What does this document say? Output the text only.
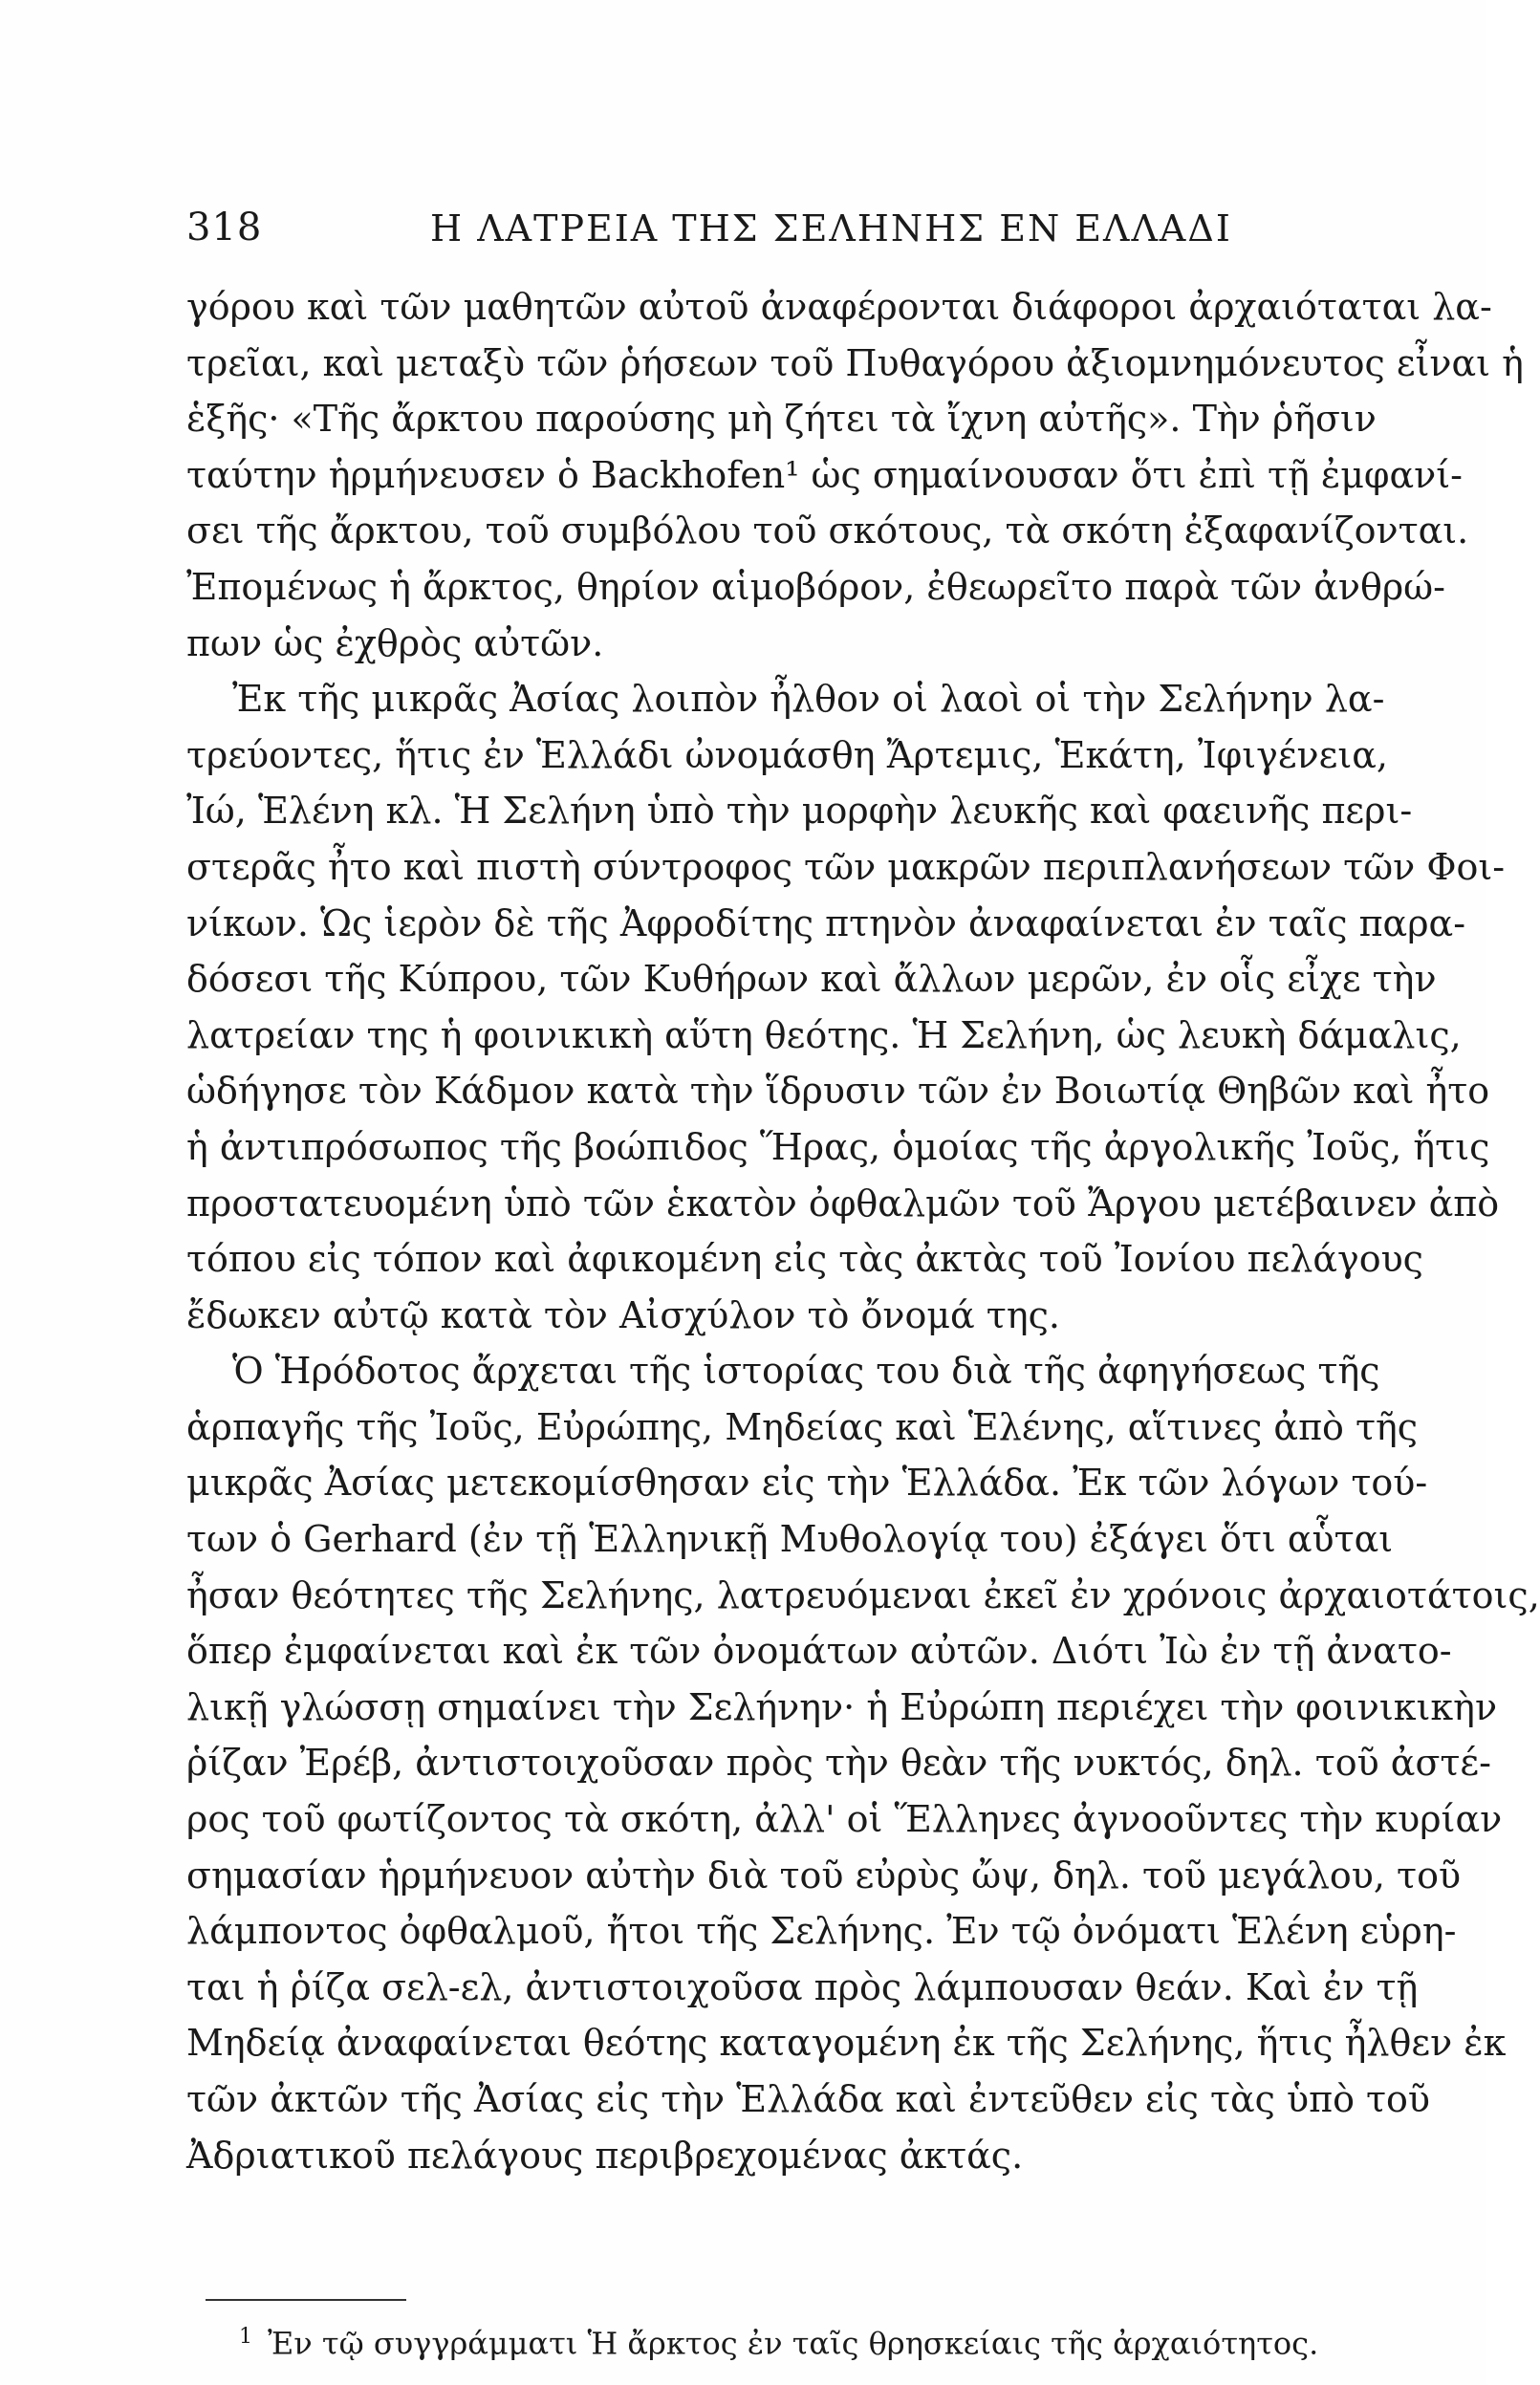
318	Η ΛΑΤΡΕΙΑ ΤΗΣ ΣΕΛΗΝΗΣ ΕΝ ΕΛΛΑΔΙ
γόρου καὶ τῶν μαθητῶν αὐτοῦ ἀναφέρονται διάφοροι ἀρχαιόταται λα-
τρεῖαι, καὶ μεταξὺ τῶν ῥήσεων τοῦ Πυθαγόρου ἀξιομνημόνευτος εἶναι ἡ
ἑξῆς· «Τῆς ἄρκτου παρούσης μὴ ζήτει τὰ ἴχνη αὐτῆς». Τὴν ῥῆσιν
ταύτην ἡρμήνευσεν ὁ Backhofen¹ ὡς σημαίνουσαν ὅτι ἐπὶ τῇ ἐμφανί-
σει τῆς ἄρκτου, τοῦ συμβόλου τοῦ σκότους, τὰ σκότη ἐξαφανίζονται.
Ἐπομένως ἡ ἄρκτος, θηρίον αἱμοβόρον, ἐθεωρεῖτο παρὰ τῶν ἀνθρώ-
πων ὡς ἐχθρὸς αὐτῶν.
Ἐκ τῆς μικρᾶς Ἀσίας λοιπὸν ἦλθον οἱ λαοὶ οἱ τὴν Σελήνην λα-
τρεύοντες, ἥτις ἐν Ἑλλάδι ὠνομάσθη Ἄρτεμις, Ἑκάτη, Ἰφιγένεια,
Ἰώ, Ἑλένη κλ. Ἡ Σελήνη ὑπὸ τὴν μορφὴν λευκῆς καὶ φαεινῆς περι-
στερᾶς ἦτο καὶ πιστὴ σύντροφος τῶν μακρῶν περιπλανήσεων τῶν Φοι-
νίκων. Ὡς ἱερὸν δὲ τῆς Ἀφροδίτης πτηνὸν ἀναφαίνεται ἐν ταῖς παρα-
δόσεσι τῆς Κύπρου, τῶν Κυθήρων καὶ ἄλλων μερῶν, ἐν οἷς εἶχε τὴν
λατρείαν της ἡ φοινικικὴ αὕτη θεότης. Ἡ Σελήνη, ὡς λευκὴ δάμαλις,
ὡδήγησε τὸν Κάδμον κατὰ τὴν ἵδρυσιν τῶν ἐν Βοιωτίᾳ Θηβῶν καὶ ἦτο
ἡ ἀντιπρόσωπος τῆς βοώπιδος Ἥρας, ὁμοίας τῆς ἀργολικῆς Ἰοῦς, ἥτις
προστατευομένη ὑπὸ τῶν ἑκατὸν ὀφθαλμῶν τοῦ Ἄργου μετέβαινεν ἀπὸ
τόπου εἰς τόπον καὶ ἀφικομένη εἰς τὰς ἀκτὰς τοῦ Ἰονίου πελάγους
ἔδωκεν αὐτῷ κατὰ τὸν Αἰσχύλον τὸ ὄνομά της.
Ὁ Ἡρόδοτος ἄρχεται τῆς ἱστορίας του διὰ τῆς ἀφηγήσεως τῆς
ἁρπαγῆς τῆς Ἰοῦς, Εὐρώπης, Μηδείας καὶ Ἑλένης, αἵτινες ἀπὸ τῆς
μικρᾶς Ἀσίας μετεκομίσθησαν εἰς τὴν Ἑλλάδα. Ἐκ τῶν λόγων τού-
των ὁ Gerhard (ἐν τῇ Ἑλληνικῇ Μυθολογίᾳ του) ἐξάγει ὅτι αὗται
ἦσαν θεότητες τῆς Σελήνης, λατρευόμεναι ἐκεῖ ἐν χρόνοις ἀρχαιοτάτοις,
ὅπερ ἐμφαίνεται καὶ ἐκ τῶν ὀνομάτων αὐτῶν. Διότι Ἰὼ ἐν τῇ ἀνατο-
λικῇ γλώσσῃ σημαίνει τὴν Σελήνην· ἡ Εὐρώπη περιέχει τὴν φοινικικὴν
ῥίζαν Ἐρέβ, ἀντιστοιχοῦσαν πρὸς τὴν θεὰν τῆς νυκτός, δηλ. τοῦ ἀστέ-
ρος τοῦ φωτίζοντος τὰ σκότη, ἀλλ' οἱ Ἕλληνες ἀγνοοῦντες τὴν κυρίαν
σημασίαν ἡρμήνευον αὐτὴν διὰ τοῦ εὐρὺς ὤψ, δηλ. τοῦ μεγάλου, τοῦ
λάμποντος ὀφθαλμοῦ, ἤτοι τῆς Σελήνης. Ἐν τῷ ὀνόματι Ἑλένη εὑρη-
ται ἡ ῥίζα σελ-ελ, ἀντιστοιχοῦσα πρὸς λάμπουσαν θεάν. Καὶ ἐν τῇ
Μηδείᾳ ἀναφαίνεται θεότης καταγομένη ἐκ τῆς Σελήνης, ἥτις ἦλθεν ἐκ
τῶν ἀκτῶν τῆς Ἀσίας εἰς τὴν Ἑλλάδα καὶ ἐντεῦθεν εἰς τὰς ὑπὸ τοῦ
Ἀδριατικοῦ πελάγους περιβρεχομένας ἀκτάς.
$^1$ Ἐν τῷ συγγράμματι Ἡ ἄρκτος ἐν ταῖς θρησκείαις τῆς ἀρχαιότητος.
